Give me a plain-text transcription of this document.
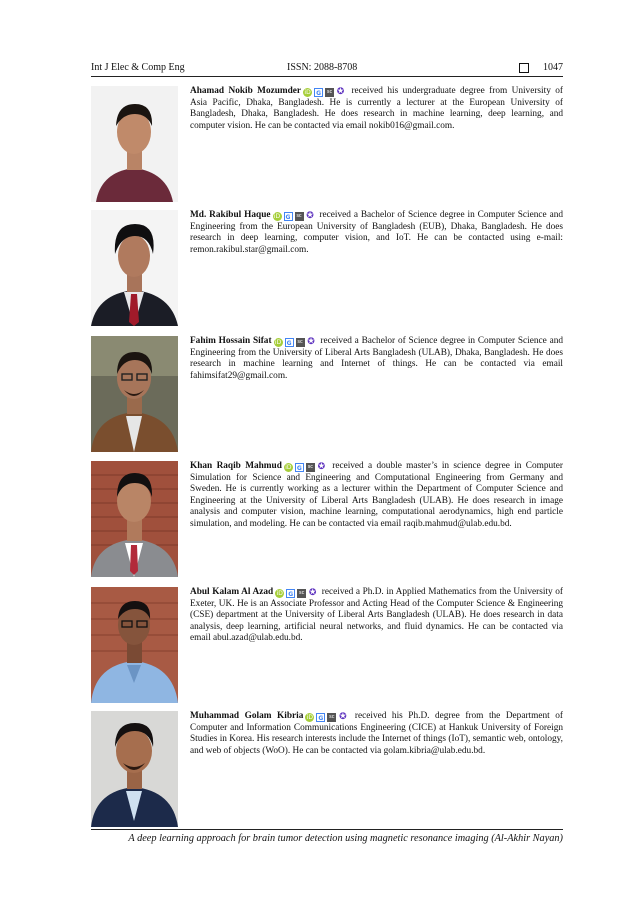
Int J Elec & Comp Eng	ISSN: 2088-8708	1047
Ahamad Nokib Mozumder iD G	sc ✪ received his undergraduate degree from University of Asia Pacific, Dhaka, Bangladesh. He is currently a lecturer at the European University of Bangladesh, Dhaka, Bangladesh. He does research in machine learning, deep learning, and computer vision. He can be contacted via email nokib016@gmail.com.
Md. Rakibul Haque iD G	sc ✪ received a Bachelor of Science degree in Computer Science and Engineering from the European University of Bangladesh (EUB), Dhaka, Bangladesh. He does research in deep learning, computer vision, and IoT. He can be contacted using e-mail: remon.rakibul.star@gmail.com.
Fahim Hossain Sifat iD G	sc ✪ received a Bachelor of Science degree in Computer Science and Engineering from the University of Liberal Arts Bangladesh (ULAB), Dhaka, Bangladesh. He does research in machine learning and Internet of things. He can be contacted via email fahimsifat29@gmail.com.
Khan Raqib Mahmud iD G	sc ✪ received a double master’s in science degree in Computer Simulation for Science and Engineering and Computational Engineering from Germany and Sweden. He is currently working as a lecturer within the Department of Computer Science and Engineering at the University of Liberal Arts Bangladesh (ULAB). He does research in image analysis and computer vision, machine learning, computational aerodynamics, high end particle simulation, and modeling. He can be contacted via email raqib.mahmud@ulab.edu.bd.
Abul Kalam Al Azad iD G	sc ✪ received a Ph.D. in Applied Mathematics from the University of Exeter, UK. He is an Associate Professor and Acting Head of the Computer Science & Engineering (CSE) department at the University of Liberal Arts Bangladesh (ULAB). He does research in data analysis, deep learning, artificial neural networks, and fluid dynamics. He can be contacted via email abul.azad@ulab.edu.bd.
Muhammad Golam Kibria iD G	sc ✪ received his Ph.D. degree from the Department of Computer and Information Communications Engineering (CICE) at Hankuk University of Foreign Studies in Korea. His research interests include the Internet of things (IoT), semantic web, ontology, and web of objects (WoO). He can be contacted via golam.kibria@ulab.edu.bd.
A deep learning approach for brain tumor detection using magnetic resonance imaging (Al-Akhir Nayan)
